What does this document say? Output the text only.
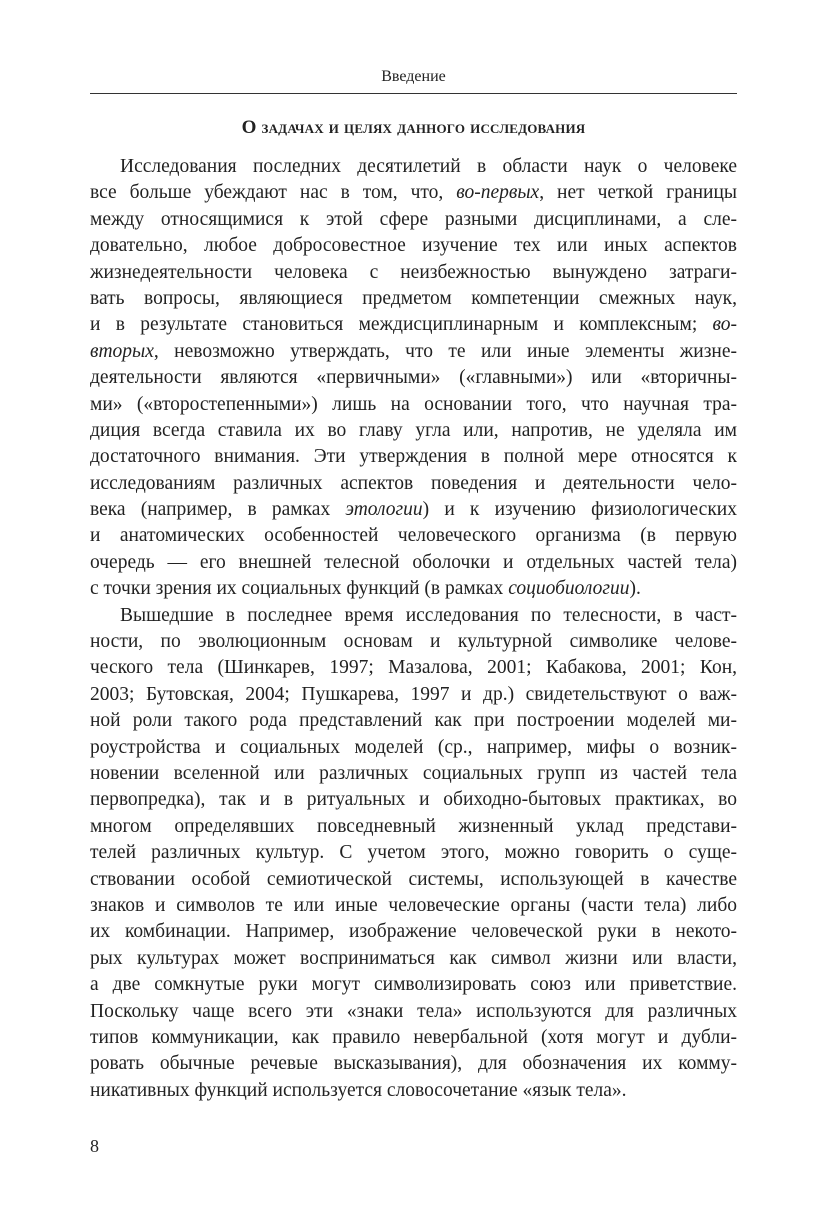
Введение
О задачах и целях данного исследования
Исследования последних десятилетий в области наук о человеке
все больше убеждают нас в том, что, во-первых, нет четкой границы
между относящимися к этой сфере разными дисциплинами, а сле-
довательно, любое добросовестное изучение тех или иных аспектов
жизнедеятельности человека с неизбежностью вынуждено затраги-
вать вопросы, являющиеся предметом компетенции смежных наук,
и в результате становиться междисциплинарным и комплексным; во-
вторых, невозможно утверждать, что те или иные элементы жизне-
деятельности являются «первичными» («главными») или «вторичны-
ми» («второстепенными») лишь на основании того, что научная тра-
диция всегда ставила их во главу угла или, напротив, не уделяла им
достаточного внимания. Эти утверждения в полной мере относятся к
исследованиям различных аспектов поведения и деятельности чело-
века (например, в рамках этологии) и к изучению физиологических
и анатомических особенностей человеческого организма (в первую
очередь — его внешней телесной оболочки и отдельных частей тела)
с точки зрения их социальных функций (в рамках социобиологии).
Вышедшие в последнее время исследования по телесности, в част-
ности, по эволюционным основам и культурной символике челове-
ческого тела (Шинкарев, 1997; Мазалова, 2001; Кабакова, 2001; Кон,
2003; Бутовская, 2004; Пушкарева, 1997 и др.) свидетельствуют о важ-
ной роли такого рода представлений как при построении моделей ми-
роустройства и социальных моделей (ср., например, мифы о возник-
новении вселенной или различных социальных групп из частей тела
первопредка), так и в ритуальных и обиходно-бытовых практиках, во
многом определявших повседневный жизненный уклад представи-
телей различных культур. С учетом этого, можно говорить о суще-
ствовании особой семиотической системы, использующей в качестве
знаков и символов те или иные человеческие органы (части тела) либо
их комбинации. Например, изображение человеческой руки в некото-
рых культурах может восприниматься как символ жизни или власти,
а две сомкнутые руки могут символизировать союз или приветствие.
Поскольку чаще всего эти «знаки тела» используются для различных
типов коммуникации, как правило невербальной (хотя могут и дубли-
ровать обычные речевые высказывания), для обозначения их комму-
никативных функций используется словосочетание «язык тела».
8
